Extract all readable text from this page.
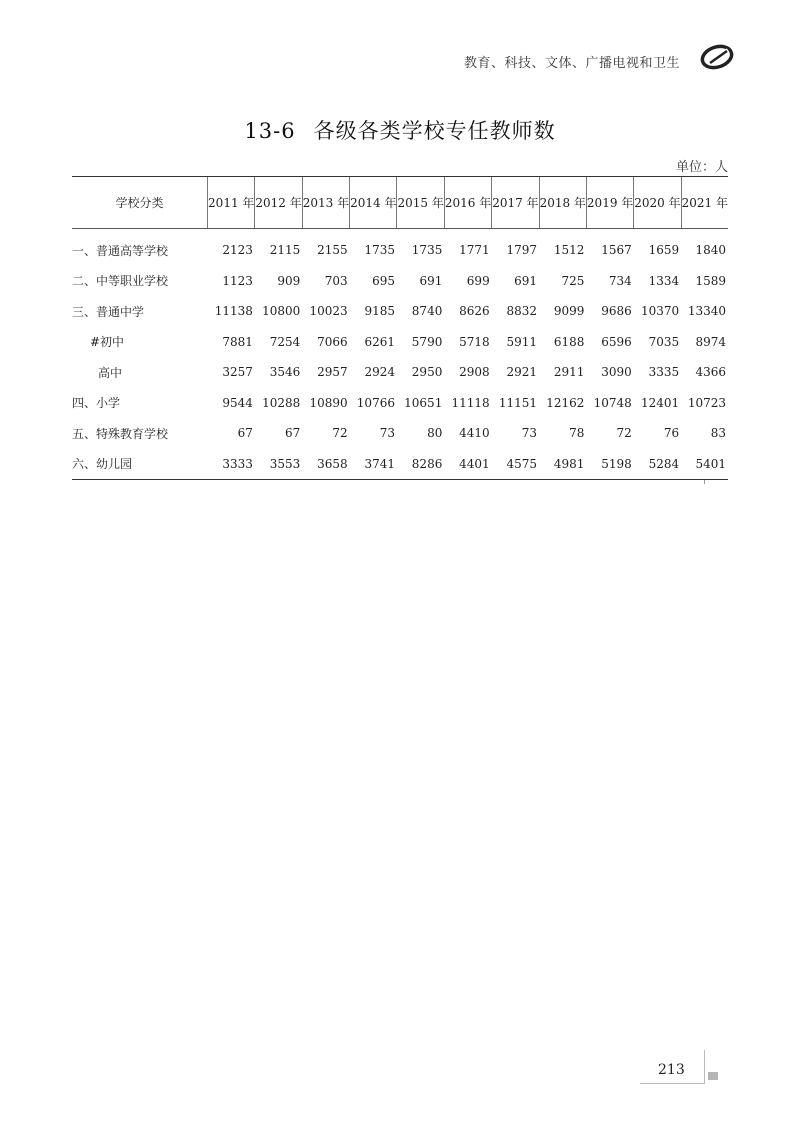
教育、科技、文体、广播电视和卫生
13-6 各级各类学校专任教师数
单位：人
学校分类	2011 年	2012 年	2013 年	2014 年	2015 年	2016 年	2017 年	2018 年	2019 年	2020 年	2021 年
一、普通高等学校	2123	2115	2155	1735	1735	1771	1797	1512	1567	1659	1840
二、中等职业学校	1123	909	703	695	691	699	691	725	734	1334	1589
三、普通中学	11138	10800	10023	9185	8740	8626	8832	9099	9686	10370	13340
#初中	7881	7254	7066	6261	5790	5718	5911	6188	6596	7035	8974
高中	3257	3546	2957	2924	2950	2908	2921	2911	3090	3335	4366
四、小学	9544	10288	10890	10766	10651	11118	11151	12162	10748	12401	10723
五、特殊教育学校	67	67	72	73	80	4410	73	78	72	76	83
六、幼儿园	3333	3553	3658	3741	8286	4401	4575	4981	5198	5284	5401
213
